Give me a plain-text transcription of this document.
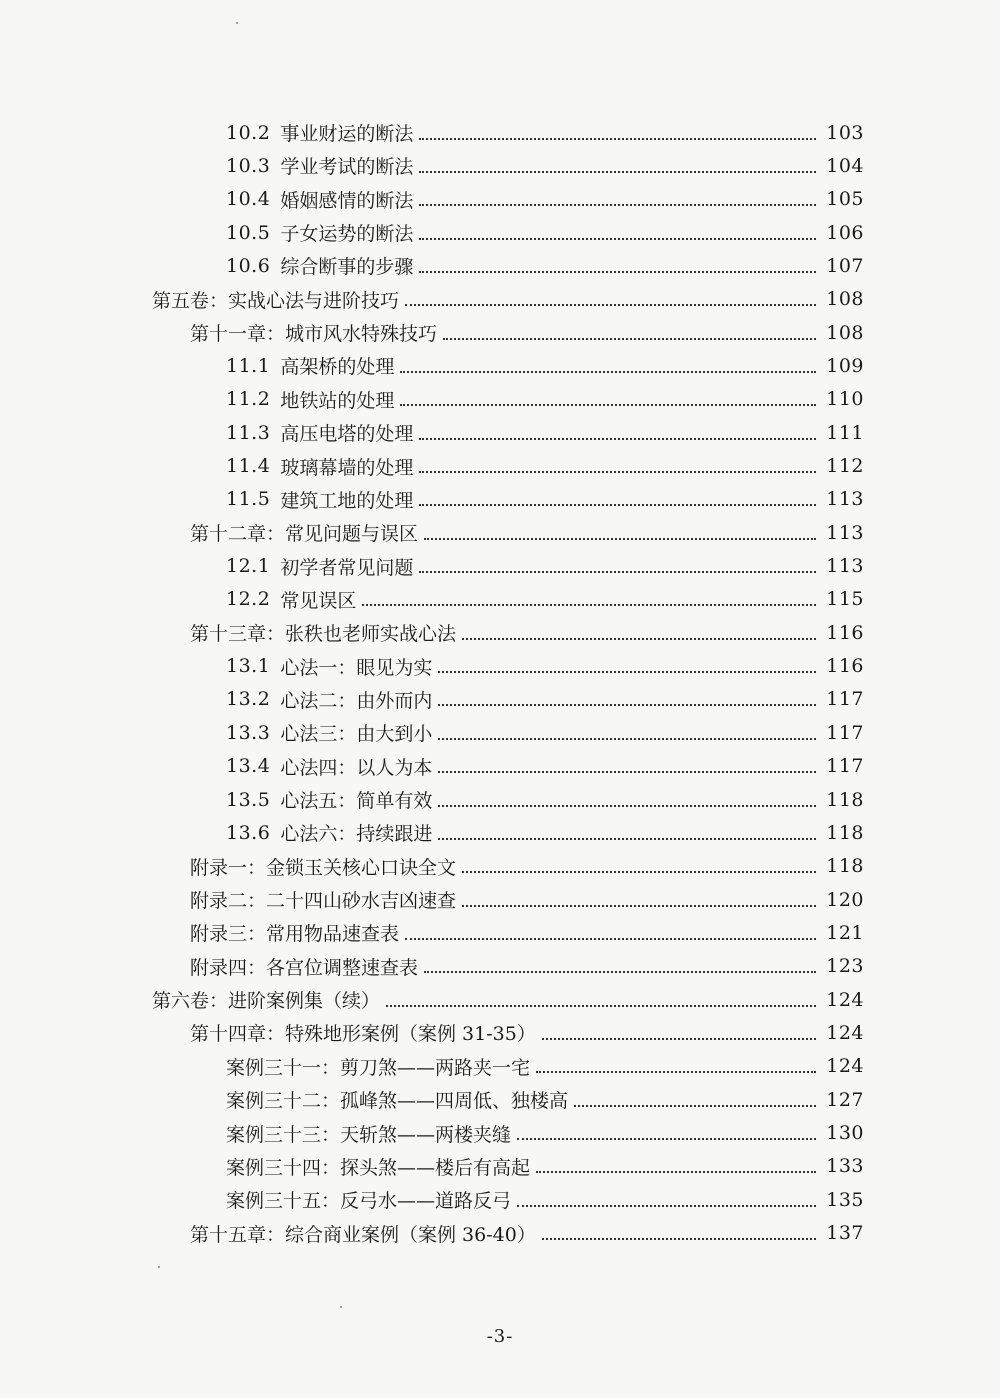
10.2 事业财运的断法	103
10.3 学业考试的断法	104
10.4 婚姻感情的断法	105
10.5 子女运势的断法	106
10.6 综合断事的步骤	107
第五卷：实战心法与进阶技巧	108
第十一章：城市风水特殊技巧	108
11.1 高架桥的处理	109
11.2 地铁站的处理	110
11.3 高压电塔的处理	111
11.4 玻璃幕墙的处理	112
11.5 建筑工地的处理	113
第十二章：常见问题与误区	113
12.1 初学者常见问题	113
12.2 常见误区	115
第十三章：张秩也老师实战心法	116
13.1 心法一：眼见为实	116
13.2 心法二：由外而内	117
13.3 心法三：由大到小	117
13.4 心法四：以人为本	117
13.5 心法五：简单有效	118
13.6 心法六：持续跟进	118
附录一：金锁玉关核心口诀全文	118
附录二：二十四山砂水吉凶速查	120
附录三：常用物品速查表	121
附录四：各宫位调整速查表	123
第六卷：进阶案例集（续）	124
第十四章：特殊地形案例（案例 31-35）	124
案例三十一：剪刀煞——两路夹一宅	124
案例三十二：孤峰煞——四周低、独楼高	127
案例三十三：天斩煞——两楼夹缝	130
案例三十四：探头煞——楼后有高起	133
案例三十五：反弓水——道路反弓	135
第十五章：综合商业案例（案例 36-40）	137
-3-
